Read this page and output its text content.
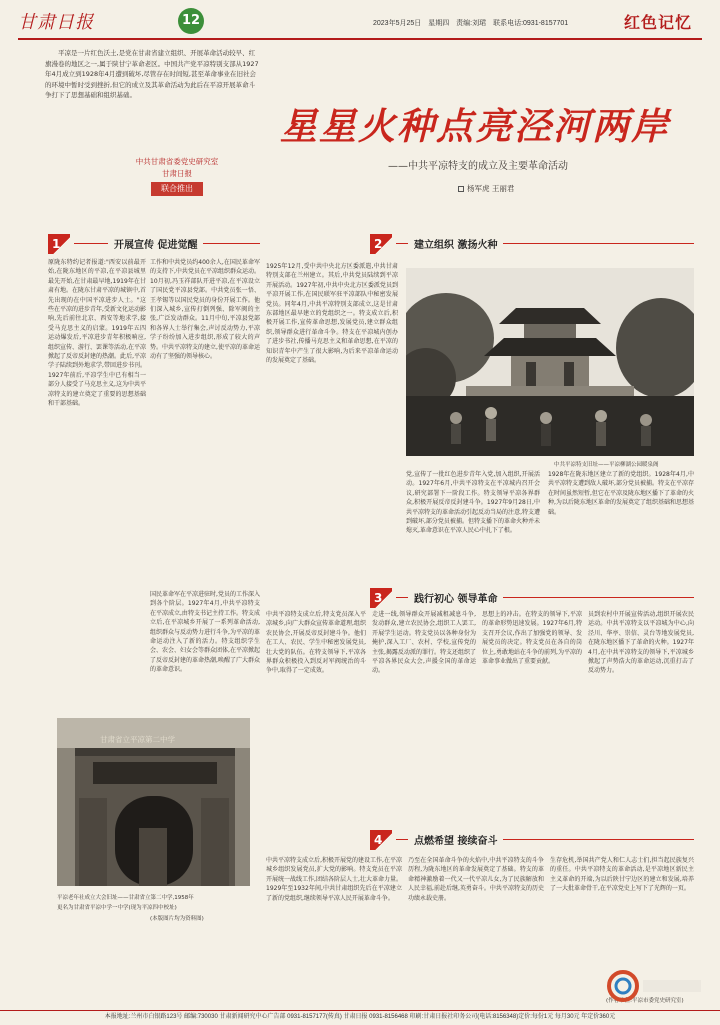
甘肃日报	12	2023年5月25日 星期四 责编:刘珺 联系电话:0931-8157701	红色记忆

平凉是一片红色沃土,是党在甘肃省建立组织、开展革命活动较早、红旗漫卷的地区之一,属于陕甘宁革命老区。中国共产党平凉特别支部从1927年4月成立到1928年4月遭到破坏,尽管存在时间短,甚至革命事业在旧社会的环境中暂时受到挫折,但它的成立及其革命活动为此后在平凉开展革命斗争打下了思想基础和组织基础。

中共甘肃省委党史研究室
甘肃日报
联合推出
星星火种点亮泾河两岸
——中共平凉特支的成立及主要革命活动
杨军虎 王丽君
1	开展宣传 促进觉醒
原陇东特约记者报道:"西安以前最开始,在陇东地区的平凉,在平凉县城里最先开始,在甘肃最早地,1919年在甘肃有地。在陇东甘肃平凉的城镇中,首先出现的在中国平凉进步人士。"这些在平凉的进步青年,受新文化运动影响,先后前往北京、西安等地求学,接受马克思主义的启蒙。1919年五四运动爆发后,平凉进步青年积极响应,组织宣传、游行、罢课等活动,在平凉掀起了反帝反封建的热潮。此后,平凉学子陆续到外地求学,带回进步书刊。1927年前后,平凉学生中已有相当一部分人接受了马克思主义,这为中共平凉特支的建立奠定了重要的思想基础和干部基础。
工作和中共党员约400余人,在国民革命军的支持下,中共党员在平凉组织群众运动。10月初,冯玉祥部队开进平凉,在平凉设立了国民党平凉县党部。中共党员张一悟、王孝锡等以国民党员的身份开展工作。他们深入城乡,宣传打倒列强、除军阀的主张,广泛发动群众。11月中旬,平凉县党部和各界人士举行集会,声讨反动势力,平凉学子纷纷加入进步组织,形成了较大的声势。中共平凉特支的建立,使平凉的革命运动有了坚强的领导核心。
国民革命军在平凉进驻时,党员的工作深入到各个阶层。1927年4月,中共平凉特支在平凉成立,由特支书记主持工作。特支成立后,在平凉城乡开展了一系列革命活动,组织群众与反动势力进行斗争,为平凉的革命运动注入了新的活力。特支组织学生会、农会、妇女会等群众团体,在平凉掀起了反帝反封建的革命热潮,唤醒了广大群众的革命意识。
2	建立组织 激扬火种
1925年12月,受中共中央北方区委派遣,中共甘肃特别支部在兰州建立。其后,中共党员陆续到平凉开展活动。1927年初,中共中央北方区委派党员到平凉开展工作,在国民联军驻平凉部队中秘密发展党员。同年4月,中共平凉特别支部成立,这是甘肃东部地区最早建立的党组织之一。特支成立后,积极开展工作,宣传革命思想,发展党员,建立群众组织,领导群众进行革命斗争。特支在平凉城内创办了进步书社,传播马克思主义和革命思想,在平凉的知识青年中产生了很大影响,为后来平凉革命运动的发展奠定了基础。
中共平凉特支旧址——平凉柳湖公园暖泉阁
党,宣传了一批红色进步青年入党,加入组织,开展活动。1927年6月,中共平凉特支在平凉城内召开会议,研究部署下一阶段工作。特支领导平凉各界群众,积极开展反帝反封建斗争。1927年9月28日,中共平凉特支的革命活动引起反动当局的注意,特支遭到破坏,部分党员被捕。但特支播下的革命火种并未熄灭,革命意识在平凉人民心中扎下了根。
1928年在陇东地区建立了新的党组织。1928年4月,中共平凉特支遭到敌人破坏,部分党员被捕。特支在平凉存在时间虽然短暂,但它在平凉及陇东地区播下了革命的火种,为以后陇东地区革命的发展奠定了组织基础和思想基础。
3	践行初心 领导革命
中共平凉特支成立后,特支党员深入平凉城乡,向广大群众宣传革命道理,组织农民协会,开展反帝反封建斗争。他们在工人、农民、学生中秘密发展党员,壮大党的队伍。在特支领导下,平凉各界群众积极投入到反对军阀统治的斗争中,取得了一定成效。
走进一线,领导群众开展减租减息斗争,发动群众,建立农民协会,组织工人罢工,开展学生运动。特支党员以各种身份为掩护,深入工厂、农村、学校,宣传党的主张,揭露反动派的罪行。特支还组织了平凉各界民众大会,声援全国的革命运动。
思想上的冲击。在特支的领导下,平凉的革命形势迅速发展。1927年6月,特支召开会议,作出了加强党的领导、发展党员的决定。特支党员在各自的岗位上,勇敢地站在斗争的前列,为平凉的革命事业做出了重要贡献。
员到农村中开展宣传活动,组织开展农民运动。中共平凉特支以平凉城为中心,向泾川、华亭、崇信、灵台等地发展党员,在陇东地区播下了革命的火种。1927年4月,在中共平凉特支的领导下,平凉城乡掀起了声势浩大的革命运动,沉重打击了反动势力。
甘肃省立平凉第二中学
平凉老年社成立大会旧址——甘肃省立第二中学,1958年
更名为甘肃省平凉中学一中学(现为平凉四中校址)
(本版图片均为资料图)
4	点燃希望 接续奋斗
中共平凉特支成立后,积极开展党的建设工作,在平凉城乡组织发展党员,扩大党的影响。特支党员在平凉开展统一战线工作,团结各阶层人士,壮大革命力量。1929年至1932年间,中共甘肃组织先后在平凉建立了新的党组织,继续领导平凉人民开展革命斗争。
乃至在全国革命斗争的火焰中,中共平凉特支的斗争历程,为陇东地区的革命发展奠定了基础。特支的革命精神激励着一代又一代平凉儿女,为了民族解放和人民幸福,前赴后继,英勇奋斗。中共平凉特支的历史功绩永载史册。
生存危机,举国共产党人和仁人志士们,担当起民族复兴的重任。中共平凉特支的革命活动,是平凉地区新民主主义革命的开端,为以后陕甘宁边区的建立和发展,培养了一大批革命骨干,在平凉党史上写下了光辉的一页。
(作者单位:平凉市委党史研究室)
本报地址:兰州市白银路123号 邮编:730030 甘肃新闻研究中心广告部 0931-8157177(传真) 甘肃日报 0931-8156468 印刷:甘肃日报社印务公司(电话:8156348)定价:每份1元 每月30元 年定价360元
